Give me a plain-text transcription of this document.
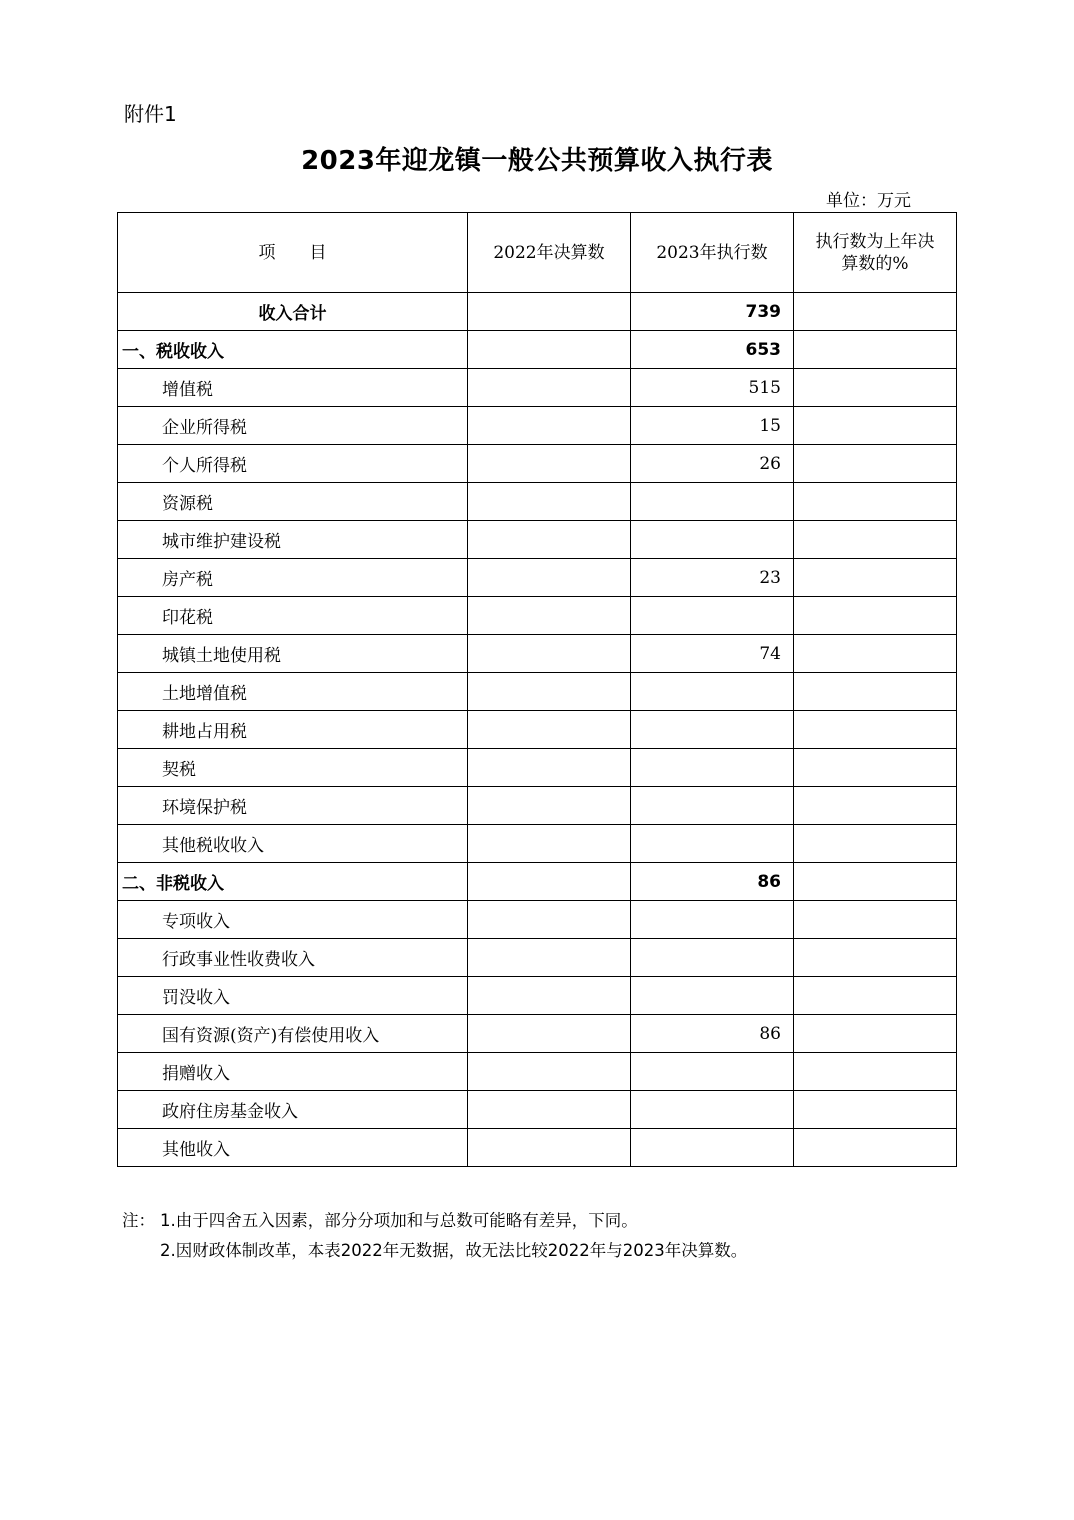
附件1
2023年迎龙镇一般公共预算收入执行表
单位：万元
项　　目	2022年决算数	2023年执行数	执行数为上年决算数的%
收入合计		739	
一、税收收入		653	
增值税		515	
企业所得税		15	
个人所得税		26	
资源税			
城市维护建设税			
房产税		23	
印花税			
城镇土地使用税		74	
土地增值税			
耕地占用税			
契税			
环境保护税			
其他税收收入			
二、非税收入		86	
专项收入			
行政事业性收费收入			
罚没收入			
国有资源(资产)有偿使用收入		86	
捐赠收入			
政府住房基金收入			
其他收入			
注： 1.由于四舍五入因素，部分分项加和与总数可能略有差异，下同。
2.因财政体制改革，本表2022年无数据，故无法比较2022年与2023年决算数。
